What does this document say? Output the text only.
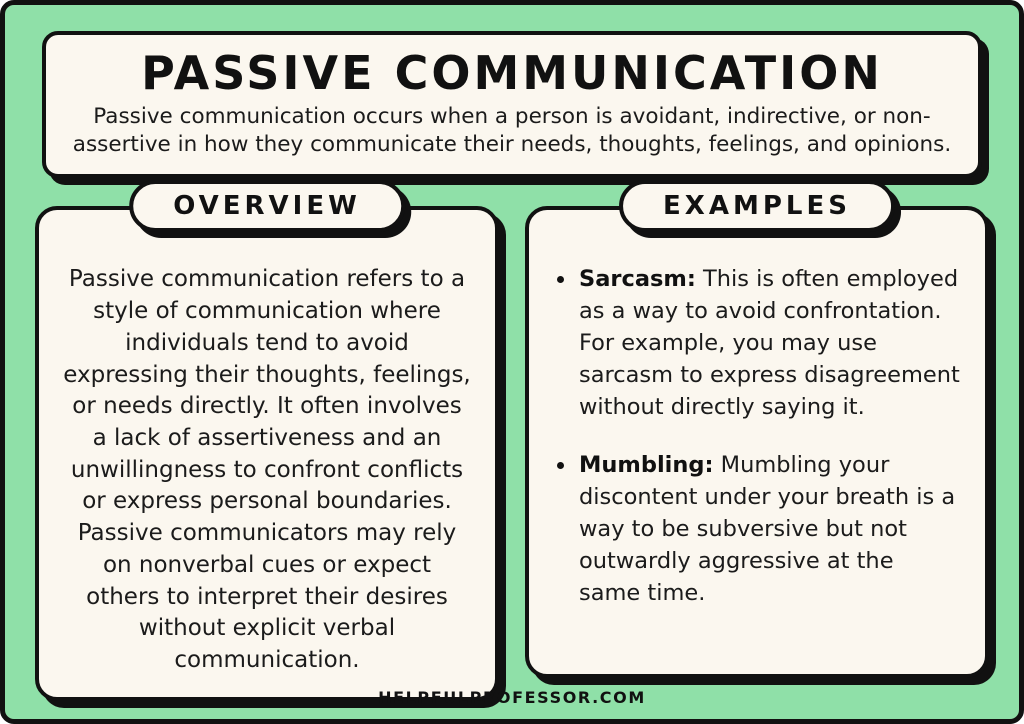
PASSIVE COMMUNICATION
Passive communication occurs when a person is avoidant, indirective, or non-assertive in how they communicate their needs, thoughts, feelings, and opinions.
OVERVIEW
Passive communication refers to a style of communication where individuals tend to avoid expressing their thoughts, feelings, or needs directly. It often involves a lack of assertiveness and an unwillingness to confront conflicts or express personal boundaries. Passive communicators may rely on nonverbal cues or expect others to interpret their desires without explicit verbal communication.
EXAMPLES
Sarcasm: This is often employed as a way to avoid confrontation. For example, you may use sarcasm to express disagreement without directly saying it.
Mumbling: Mumbling your discontent under your breath is a way to be subversive but not outwardly aggressive at the same time.
HELPFULPROFESSOR.COM
